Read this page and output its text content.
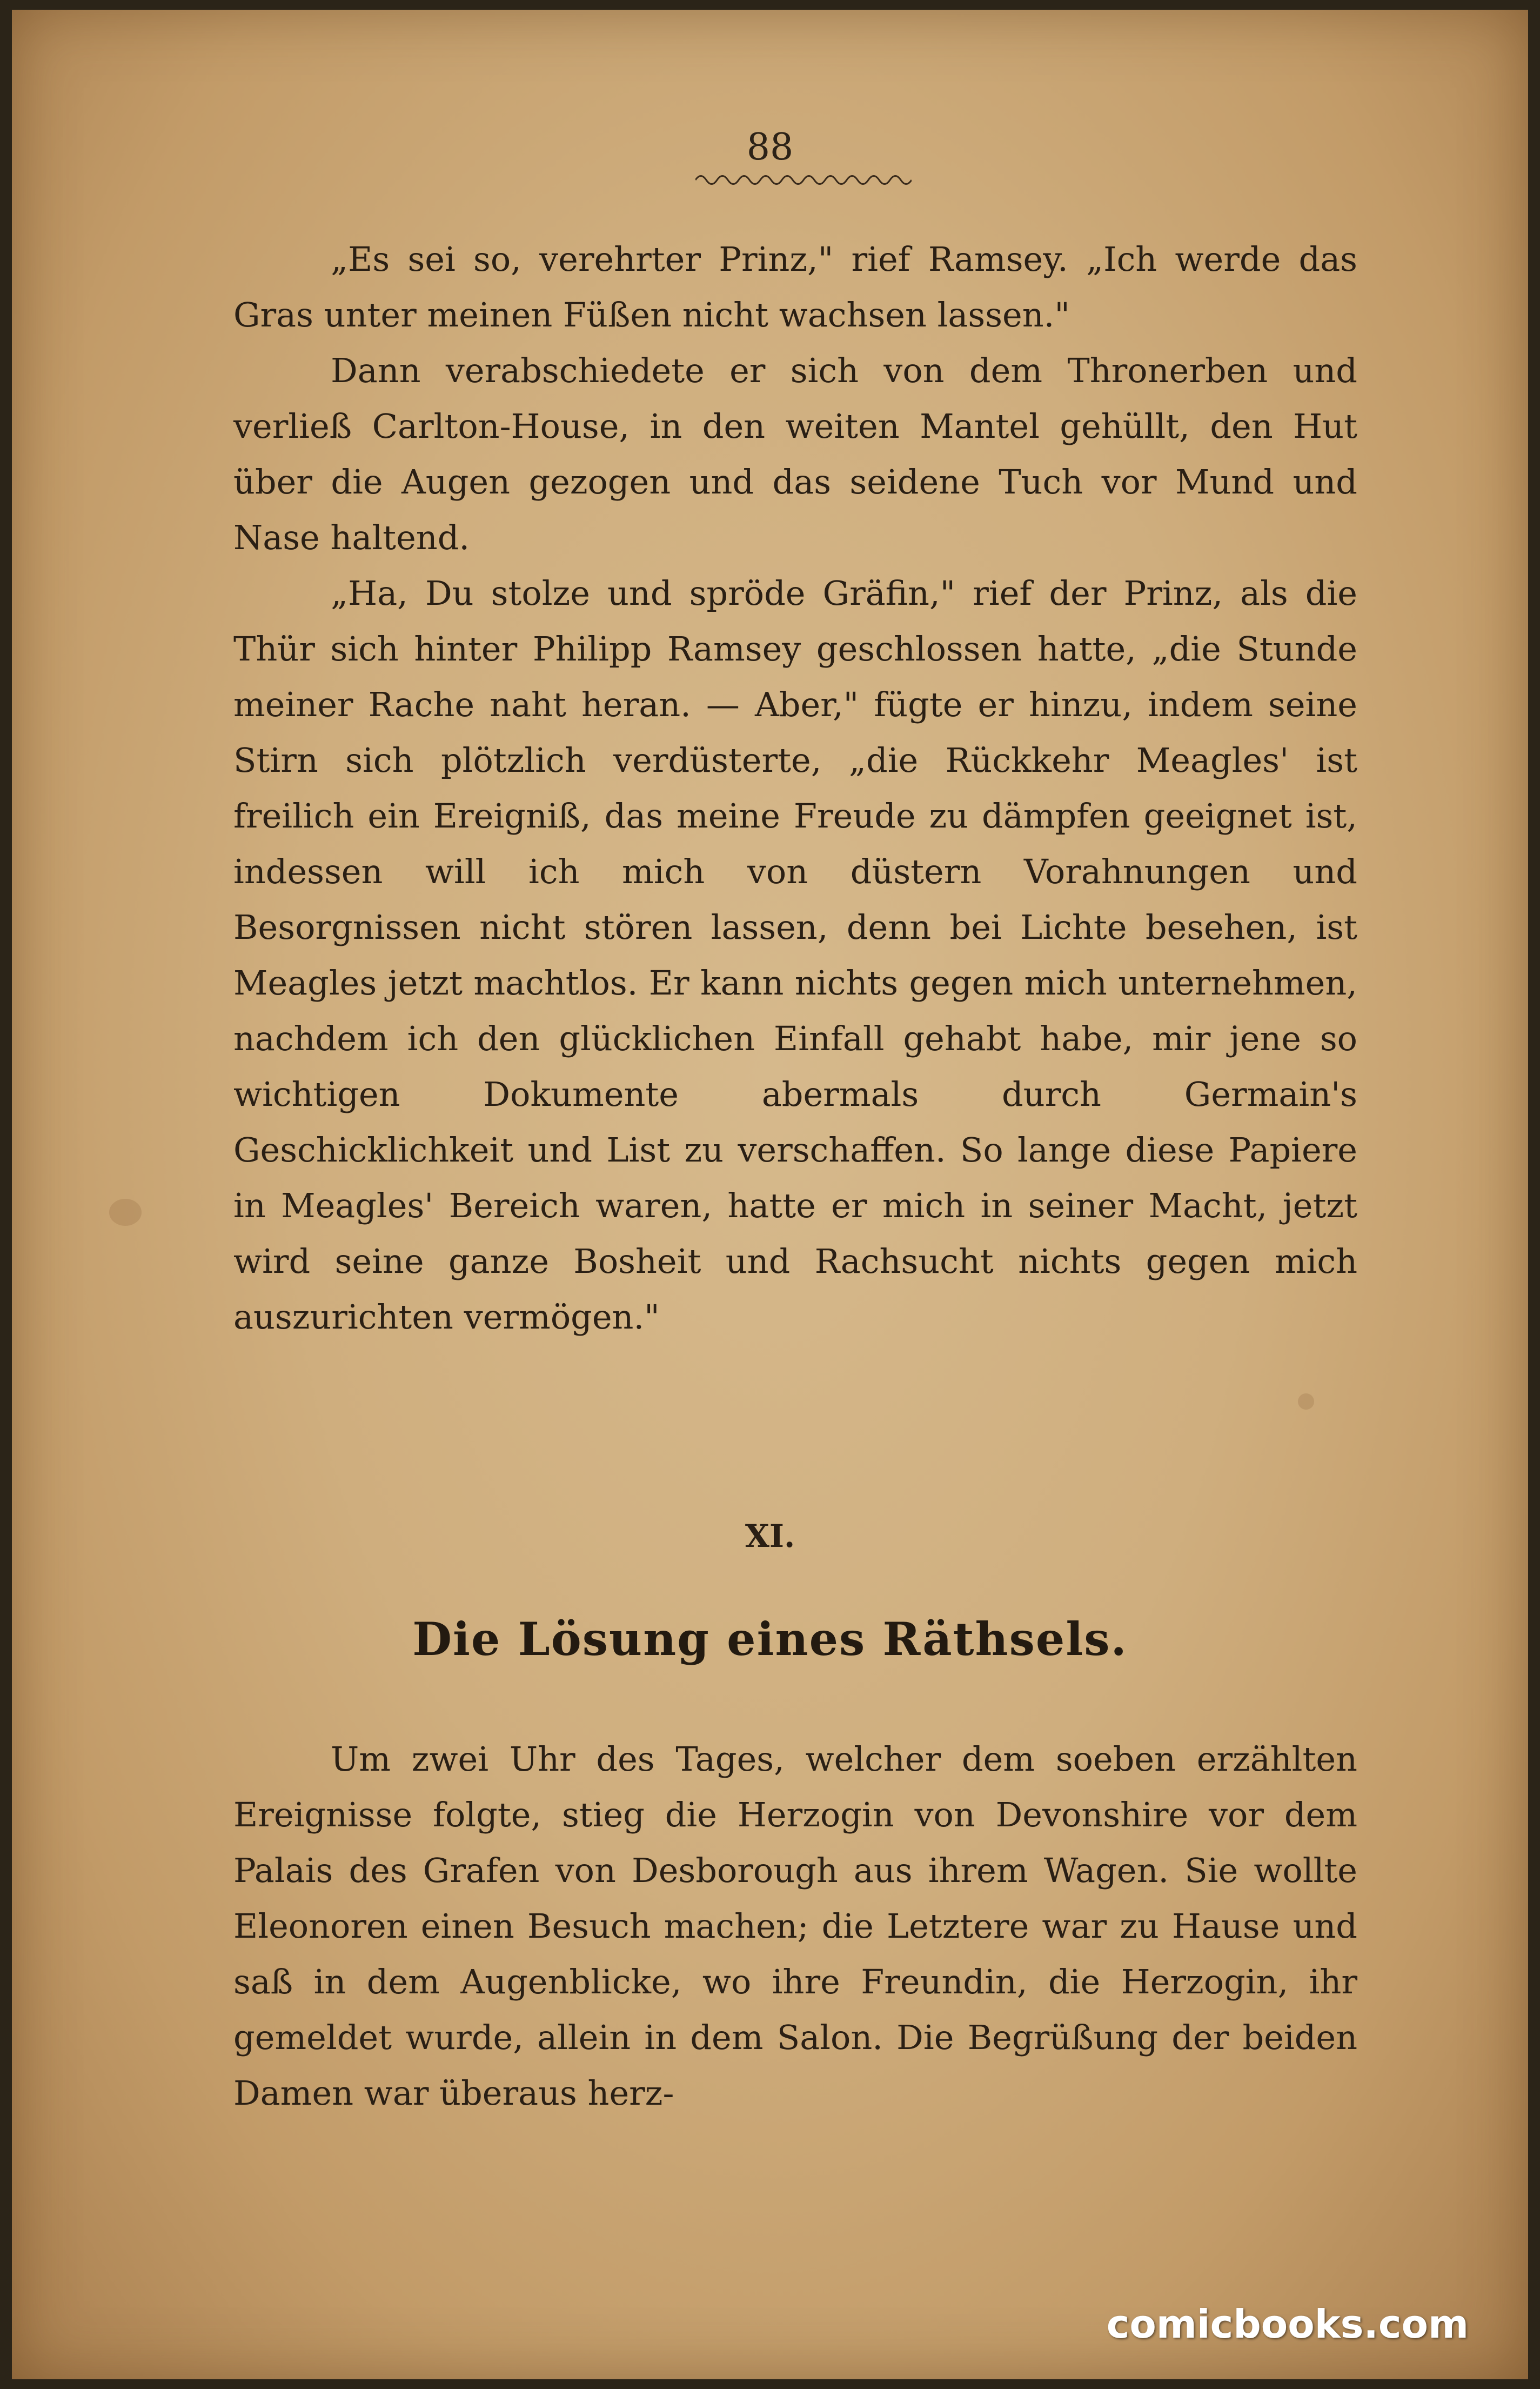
88

„Es sei so, verehrter Prinz," rief Ramsey. „Ich werde das Gras unter meinen Füßen nicht wachsen lassen."

Dann verabschiedete er sich von dem Thronerben und verließ Carlton-House, in den weiten Mantel gehüllt, den Hut über die Augen gezogen und das seidene Tuch vor Mund und Nase haltend.

„Ha, Du stolze und spröde Gräfin," rief der Prinz, als die Thür sich hinter Philipp Ramsey geschlossen hatte, „die Stunde meiner Rache naht heran. — Aber," fügte er hinzu, indem seine Stirn sich plötzlich verdüsterte, „die Rückkehr Meagles' ist freilich ein Ereigniß, das meine Freude zu dämpfen geeignet ist, indessen will ich mich von düstern Vorahnungen und Besorgnissen nicht stören lassen, denn bei Lichte besehen, ist Meagles jetzt machtlos. Er kann nichts gegen mich unternehmen, nachdem ich den glücklichen Einfall gehabt habe, mir jene so wichtigen Dokumente abermals durch Germain's Geschicklichkeit und List zu verschaffen. So lange diese Papiere in Meagles' Bereich waren, hatte er mich in seiner Macht, jetzt wird seine ganze Bosheit und Rachsucht nichts gegen mich auszurichten vermögen."

XI.
Die Lösung eines Räthsels.

Um zwei Uhr des Tages, welcher dem soeben erzählten Ereignisse folgte, stieg die Herzogin von Devonshire vor dem Palais des Grafen von Desborough aus ihrem Wagen. Sie wollte Eleonoren einen Besuch machen; die Letztere war zu Hause und saß in dem Augenblicke, wo ihre Freundin, die Herzogin, ihr gemeldet wurde, allein in dem Salon. Die Begrüßung der beiden Damen war überaus herz-

comicbooks.com
